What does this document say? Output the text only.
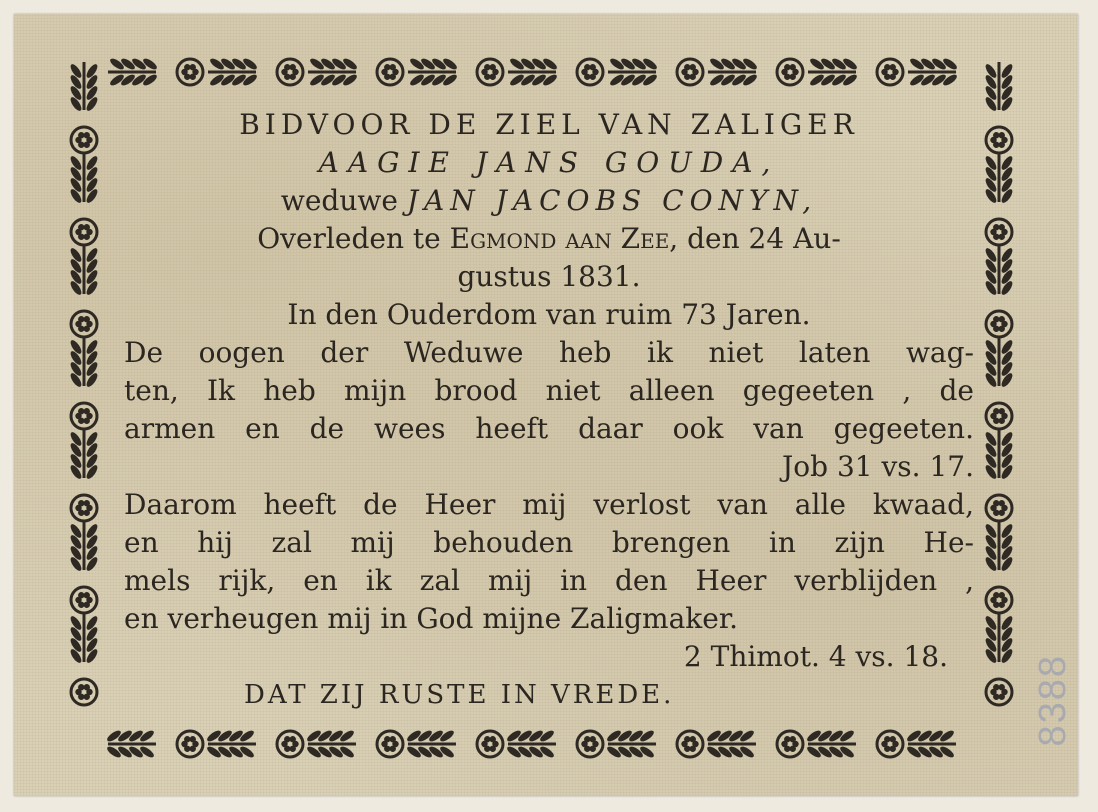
BIDVOOR DE ZIEL VAN ZALIGER
AAGIE JANS GOUDA,
weduwe JAN JACOBS CONYN,
Overleden te Egmond aan Zee, den 24 Au-
gustus 1831.
In den Ouderdom van ruim 73 Jaren.
De oogen der Weduwe heb ik niet laten wag-
ten, Ik heb mijn brood niet alleen gegeeten , de
armen en de wees heeft daar ook van gegeeten.
Job 31 vs. 17.
Daarom heeft de Heer mij verlost van alle kwaad,
en hij zal mij behouden brengen in zijn He-
mels rijk, en ik zal mij in den Heer verblijden ,
en verheugen mij in God mijne Zaligmaker.
2 Thimot. 4 vs. 18.
DAT ZIJ RUSTE IN VREDE.	8388
